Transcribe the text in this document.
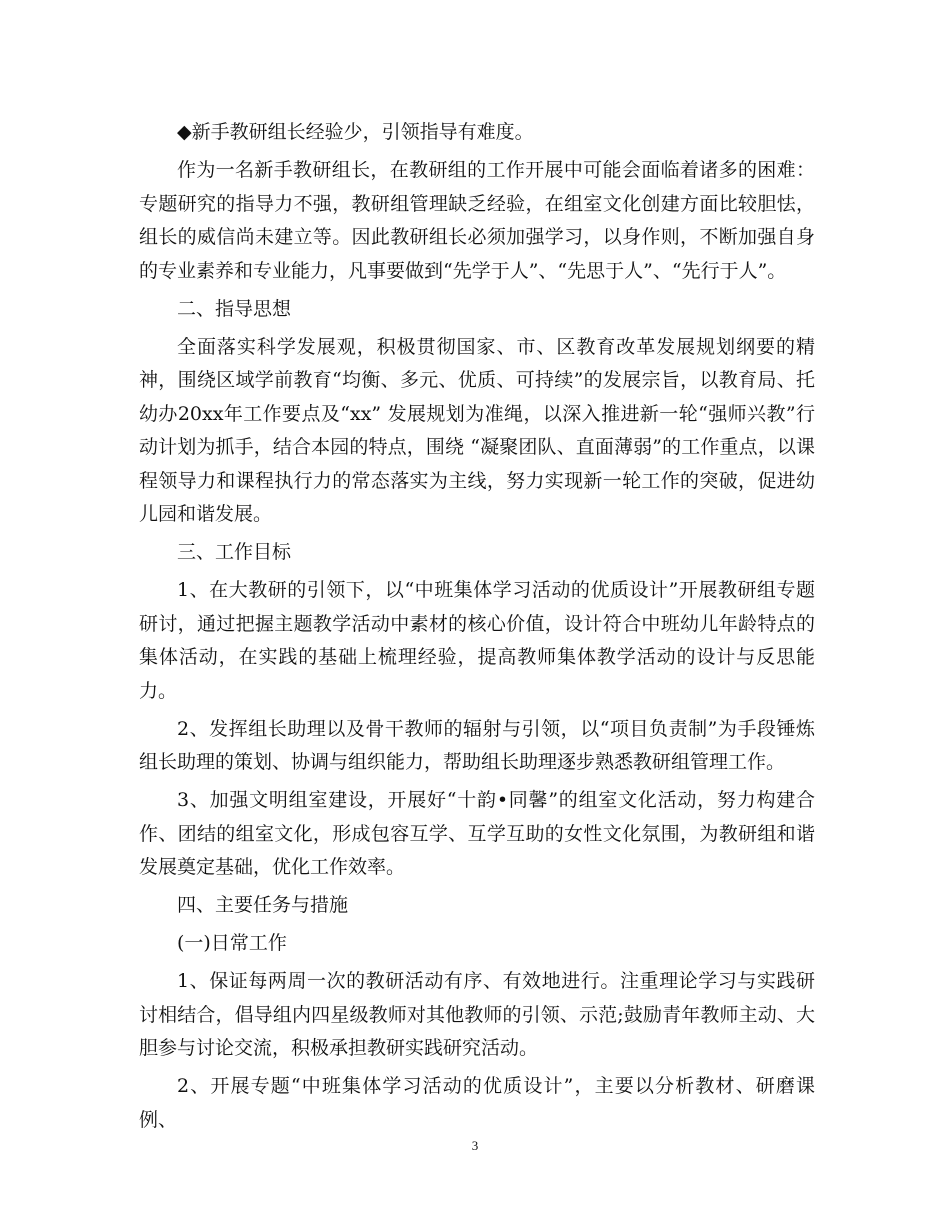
◆新手教研组长经验少，引领指导有难度。

作为一名新手教研组长，在教研组的工作开展中可能会面临着诸多的困难：专题研究的指导力不强，教研组管理缺乏经验，在组室文化创建方面比较胆怯，组长的威信尚未建立等。因此教研组长必须加强学习，以身作则，不断加强自身的专业素养和专业能力，凡事要做到“先学于人”、“先思于人”、“先行于人”。

二、指导思想

全面落实科学发展观，积极贯彻国家、市、区教育改革发展规划纲要的精神，围绕区域学前教育“均衡、多元、优质、可持续”的发展宗旨，以教育局、托幼办20xx年工作要点及“xx” 发展规划为准绳，以深入推进新一轮“强师兴教”行动计划为抓手，结合本园的特点，围绕 “凝聚团队、直面薄弱”的工作重点，以课程领导力和课程执行力的常态落实为主线，努力实现新一轮工作的突破，促进幼儿园和谐发展。

三、工作目标

1、在大教研的引领下，以“中班集体学习活动的优质设计”开展教研组专题研讨，通过把握主题教学活动中素材的核心价值，设计符合中班幼儿年龄特点的集体活动，在实践的基础上梳理经验，提高教师集体教学活动的设计与反思能力。

2、发挥组长助理以及骨干教师的辐射与引领，以“项目负责制”为手段锤炼组长助理的策划、协调与组织能力，帮助组长助理逐步熟悉教研组管理工作。

3、加强文明组室建设，开展好“十韵•同馨”的组室文化活动，努力构建合作、团结的组室文化，形成包容互学、互学互助的女性文化氛围，为教研组和谐发展奠定基础，优化工作效率。

四、主要任务与措施

(一)日常工作

1、保证每两周一次的教研活动有序、有效地进行。注重理论学习与实践研讨相结合，倡导组内四星级教师对其他教师的引领、示范;鼓励青年教师主动、大胆参与讨论交流，积极承担教研实践研究活动。

2、开展专题“中班集体学习活动的优质设计”，主要以分析教材、研磨课例、

3
